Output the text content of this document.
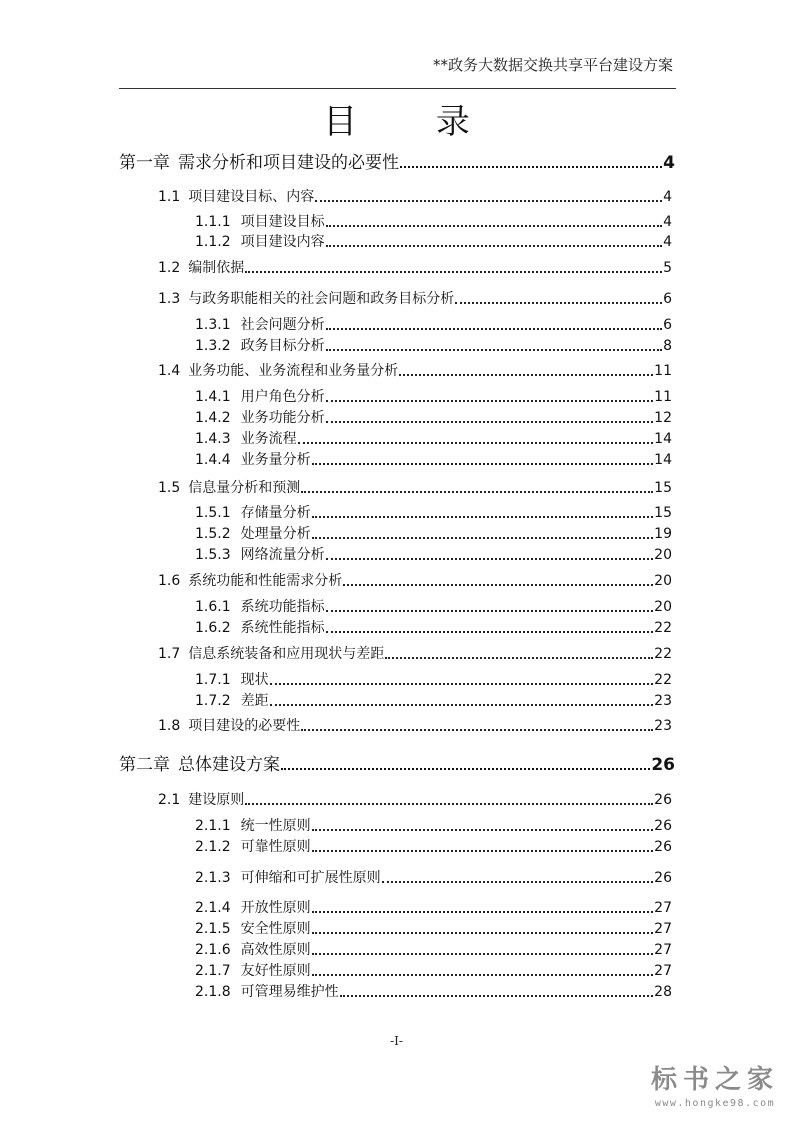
**政务大数据交换共享平台建设方案
目 录
第一章 需求分析和项目建设的必要性	4
1.1 项目建设目标、内容	4
1.1.1 项目建设目标	4
1.1.2 项目建设内容	4
1.2 编制依据	5
1.3 与政务职能相关的社会问题和政务目标分析	6
1.3.1 社会问题分析	6
1.3.2 政务目标分析	8
1.4 业务功能、业务流程和业务量分析	11
1.4.1 用户角色分析	11
1.4.2 业务功能分析	12
1.4.3 业务流程	14
1.4.4 业务量分析	14
1.5 信息量分析和预测	15
1.5.1 存储量分析	15
1.5.2 处理量分析	19
1.5.3 网络流量分析	20
1.6 系统功能和性能需求分析	20
1.6.1 系统功能指标	20
1.6.2 系统性能指标	22
1.7 信息系统装备和应用现状与差距	22
1.7.1 现状	22
1.7.2 差距	23
1.8 项目建设的必要性	23
第二章 总体建设方案	26
2.1 建设原则	26
2.1.1 统一性原则	26
2.1.2 可靠性原则	26
2.1.3 可伸缩和可扩展性原则	26
2.1.4 开放性原则	27
2.1.5 安全性原则	27
2.1.6 高效性原则	27
2.1.7 友好性原则	27
2.1.8 可管理易维护性	28
-I-
标书之家
www.hongke98.com
